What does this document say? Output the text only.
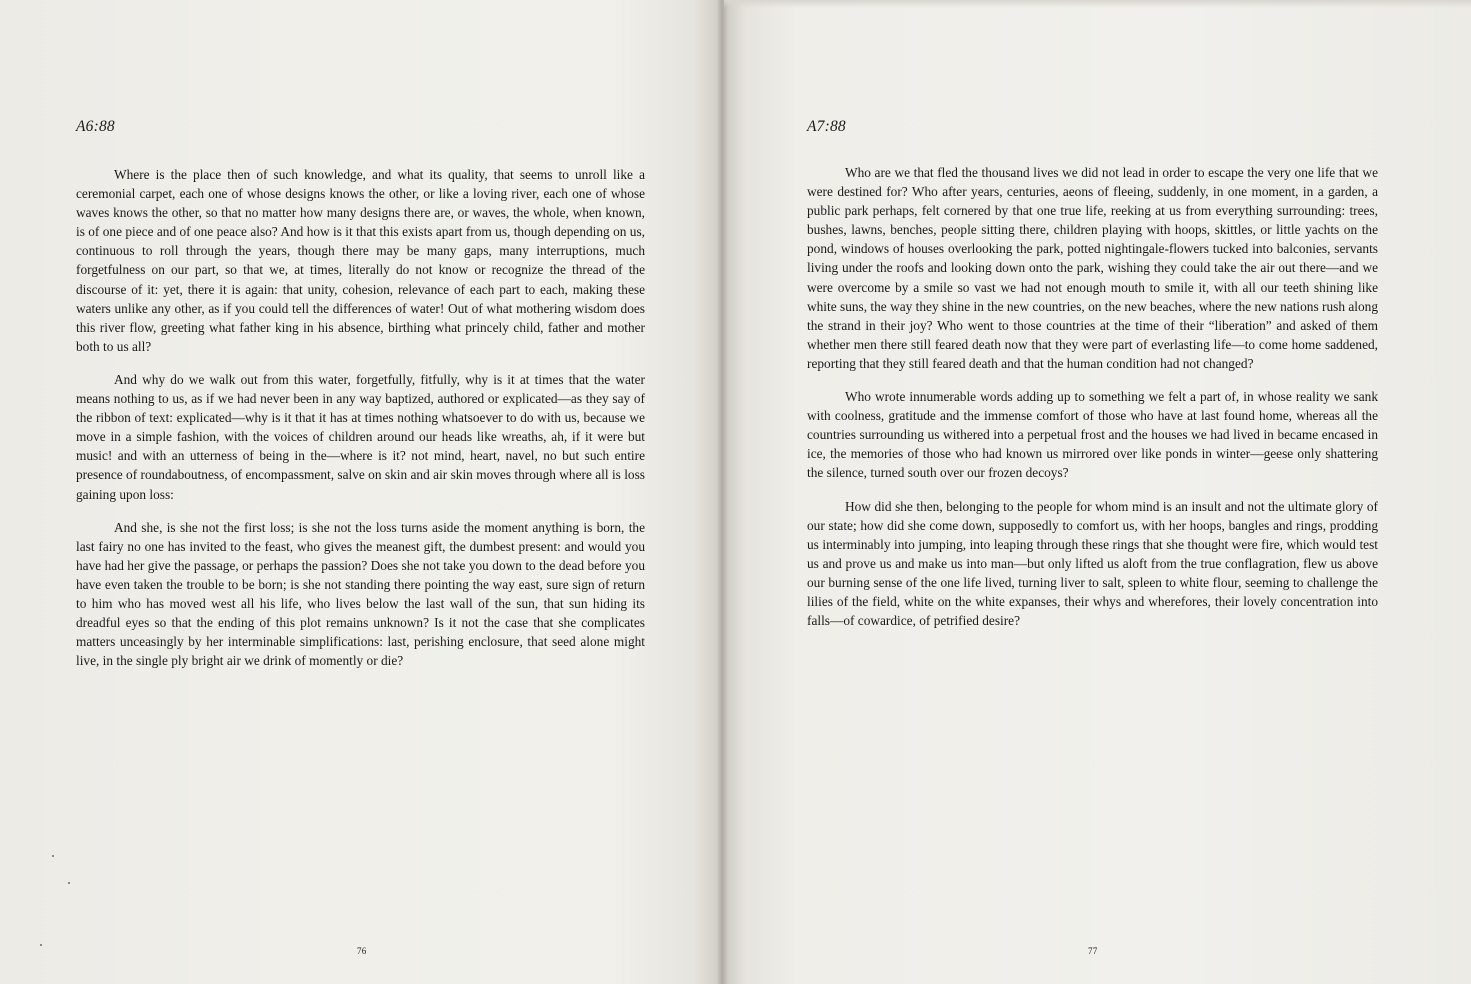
A6:88

Where is the place then of such knowledge, and what its quality, that seems to unroll like a ceremonial carpet, each one of whose designs knows the other, or like a loving river, each one of whose waves knows the other, so that no matter how many designs there are, or waves, the whole, when known, is of one piece and of one peace also? And how is it that this exists apart from us, though depending on us, continuous to roll through the years, though there may be many gaps, many interruptions, much forgetfulness on our part, so that we, at times, literally do not know or recognize the thread of the discourse of it: yet, there it is again: that unity, cohesion, relevance of each part to each, making these waters unlike any other, as if you could tell the differences of water! Out of what mothering wisdom does this river flow, greeting what father king in his absence, birthing what princely child, father and mother both to us all?

And why do we walk out from this water, forgetfully, fitfully, why is it at times that the water means nothing to us, as if we had never been in any way baptized, authored or explicated—as they say of the ribbon of text: explicated—why is it that it has at times nothing whatsoever to do with us, because we move in a simple fashion, with the voices of children around our heads like wreaths, ah, if it were but music! and with an utterness of being in the—where is it? not mind, heart, navel, no but such entire presence of roundaboutness, of encompassment, salve on skin and air skin moves through where all is loss gaining upon loss:

And she, is she not the first loss; is she not the loss turns aside the moment anything is born, the last fairy no one has invited to the feast, who gives the meanest gift, the dumbest present: and would you have had her give the passage, or perhaps the passion? Does she not take you down to the dead before you have even taken the trouble to be born; is she not standing there pointing the way east, sure sign of return to him who has moved west all his life, who lives below the last wall of the sun, that sun hiding its dreadful eyes so that the ending of this plot remains unknown? Is it not the case that she complicates matters unceasingly by her interminable simplifications: last, perishing enclosure, that seed alone might live, in the single ply bright air we drink of momently or die?

76
A7:88

Who are we that fled the thousand lives we did not lead in order to escape the very one life that we were destined for? Who after years, centuries, aeons of fleeing, suddenly, in one moment, in a garden, a public park perhaps, felt cornered by that one true life, reeking at us from everything surrounding: trees, bushes, lawns, benches, people sitting there, children playing with hoops, skittles, or little yachts on the pond, windows of houses overlooking the park, potted nightingale-flowers tucked into balconies, servants living under the roofs and looking down onto the park, wishing they could take the air out there—and we were overcome by a smile so vast we had not enough mouth to smile it, with all our teeth shining like white suns, the way they shine in the new countries, on the new beaches, where the new nations rush along the strand in their joy? Who went to those countries at the time of their “liberation” and asked of them whether men there still feared death now that they were part of everlasting life—to come home saddened, reporting that they still feared death and that the human condition had not changed?

Who wrote innumerable words adding up to something we felt a part of, in whose reality we sank with coolness, gratitude and the immense comfort of those who have at last found home, whereas all the countries surrounding us withered into a perpetual frost and the houses we had lived in became encased in ice, the memories of those who had known us mirrored over like ponds in winter—geese only shattering the silence, turned south over our frozen decoys?

How did she then, belonging to the people for whom mind is an insult and not the ultimate glory of our state; how did she come down, supposedly to comfort us, with her hoops, bangles and rings, prodding us interminably into jumping, into leaping through these rings that she thought were fire, which would test us and prove us and make us into man—but only lifted us aloft from the true conflagration, flew us above our burning sense of the one life lived, turning liver to salt, spleen to white flour, seeming to challenge the lilies of the field, white on the white expanses, their whys and wherefores, their lovely concentration into falls—of cowardice, of petrified desire?

77
